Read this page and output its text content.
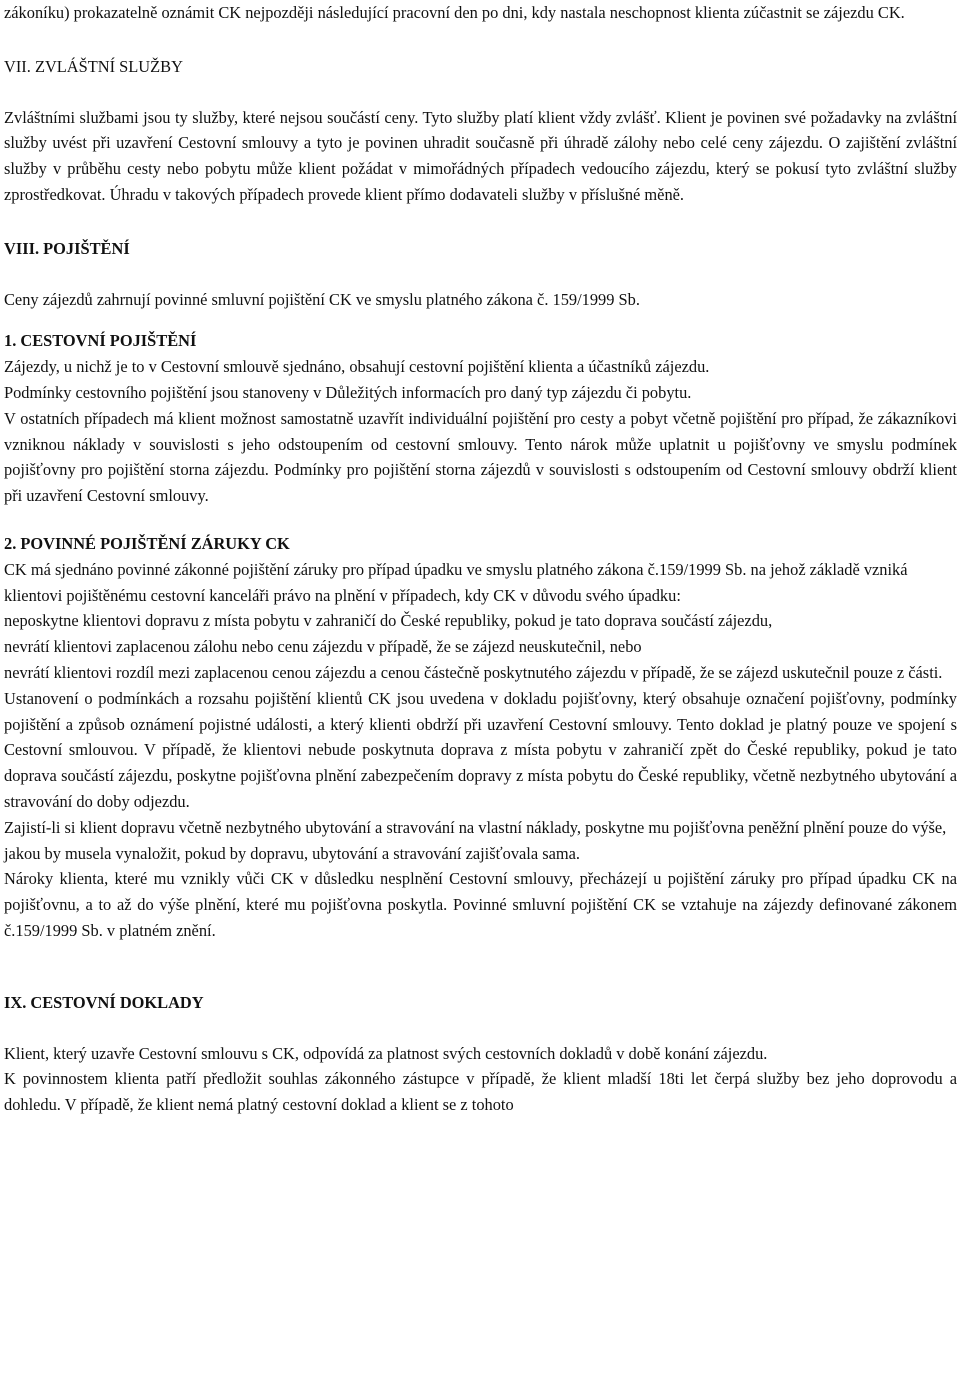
zákoníku) prokazatelně oznámit CK nejpozději následující pracovní den po dni, kdy nastala neschopnost klienta zúčastnit se zájezdu CK.

VII. ZVLÁŠTNÍ SLUŽBY

Zvláštními službami jsou ty služby, které nejsou součástí ceny. Tyto služby platí klient vždy zvlášť. Klient je povinen své požadavky na zvláštní služby uvést při uzavření Cestovní smlouvy a tyto je povinen uhradit současně při úhradě zálohy nebo celé ceny zájezdu. O zajištění zvláštní služby v průběhu cesty nebo pobytu může klient požádat v mimořádných případech vedoucího zájezdu, který se pokusí tyto zvláštní služby zprostředkovat. Úhradu v takových případech provede klient přímo dodavateli služby v příslušné měně.

VIII. POJIŠTĚNÍ

Ceny zájezdů zahrnují povinné smluvní pojištění CK ve smyslu platného zákona č. 159/1999 Sb.

1. CESTOVNÍ POJIŠTĚNÍ

Zájezdy, u nichž je to v Cestovní smlouvě sjednáno, obsahují cestovní pojištění klienta a účastníků zájezdu.

Podmínky cestovního pojištění jsou stanoveny v Důležitých informacích pro daný typ zájezdu či pobytu.

V ostatních případech má klient možnost samostatně uzavřít individuální pojištění pro cesty a pobyt včetně pojištění pro případ, že zákazníkovi vzniknou náklady v souvislosti s jeho odstoupením od cestovní smlouvy. Tento nárok může uplatnit u pojišťovny ve smyslu podmínek pojišťovny pro pojištění storna zájezdu. Podmínky pro pojištění storna zájezdů v souvislosti s odstoupením od Cestovní smlouvy obdrží klient při uzavření Cestovní smlouvy.

2. POVINNÉ POJIŠTĚNÍ ZÁRUKY CK

CK má sjednáno povinné zákonné pojištění záruky pro případ úpadku ve smyslu platného zákona č.159/1999 Sb. na jehož základě vzniká klientovi pojištěnému cestovní kanceláři právo na plnění v případech, kdy CK v důvodu svého úpadku:

neposkytne klientovi dopravu z místa pobytu v zahraničí do České republiky, pokud je tato doprava součástí zájezdu,

nevrátí klientovi zaplacenou zálohu nebo cenu zájezdu v případě, že se zájezd neuskutečnil, nebo

nevrátí klientovi rozdíl mezi zaplacenou cenou zájezdu a cenou částečně poskytnutého zájezdu v případě, že se zájezd uskutečnil pouze z části.

Ustanovení o podmínkách a rozsahu pojištění klientů CK jsou uvedena v dokladu pojišťovny, který obsahuje označení pojišťovny, podmínky pojištění a způsob oznámení pojistné události, a který klienti obdrží při uzavření Cestovní smlouvy. Tento doklad je platný pouze ve spojení s Cestovní smlouvou. V případě, že klientovi nebude poskytnuta doprava z místa pobytu v zahraničí zpět do České republiky, pokud je tato doprava součástí zájezdu, poskytne pojišťovna plnění zabezpečením dopravy z místa pobytu do České republiky, včetně nezbytného ubytování a stravování do doby odjezdu.

Zajistí-li si klient dopravu včetně nezbytného ubytování a stravování na vlastní náklady, poskytne mu pojišťovna peněžní plnění pouze do výše, jakou by musela vynaložit, pokud by dopravu, ubytování a stravování zajišťovala sama.

Nároky klienta, které mu vznikly vůči CK v důsledku nesplnění Cestovní smlouvy, přecházejí u pojištění záruky pro případ úpadku CK na pojišťovnu, a to až do výše plnění, které mu pojišťovna poskytla. Povinné smluvní pojištění CK se vztahuje na zájezdy definované zákonem č.159/1999 Sb. v platném znění.

IX. CESTOVNÍ DOKLADY

Klient, který uzavře Cestovní smlouvu s CK, odpovídá za platnost svých cestovních dokladů v době konání zájezdu.

K povinnostem klienta patří předložit souhlas zákonného zástupce v případě, že klient mladší 18ti let čerpá služby bez jeho doprovodu a dohledu. V případě, že klient nemá platný cestovní doklad a klient se z tohoto
